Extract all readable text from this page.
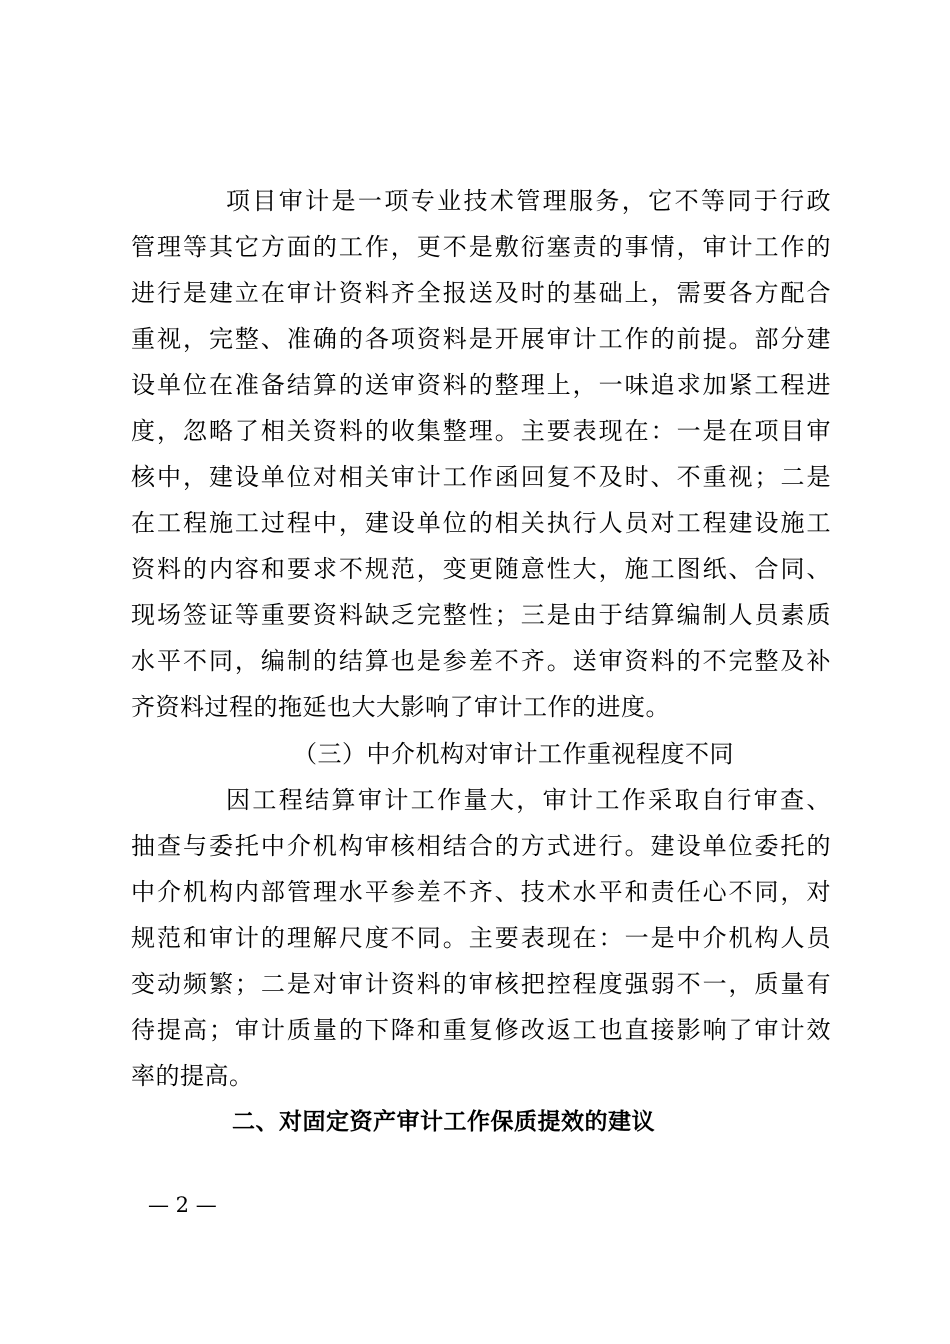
项目审计是一项专业技术管理服务，它不等同于行政
管理等其它方面的工作，更不是敷衍塞责的事情，审计工作的
进行是建立在审计资料齐全报送及时的基础上，需要各方配合
重视，完整、准确的各项资料是开展审计工作的前提。部分建
设单位在准备结算的送审资料的整理上，一味追求加紧工程进
度，忽略了相关资料的收集整理。主要表现在：一是在项目审
核中，建设单位对相关审计工作函回复不及时、不重视；二是
在工程施工过程中，建设单位的相关执行人员对工程建设施工
资料的内容和要求不规范，变更随意性大，施工图纸、合同、
现场签证等重要资料缺乏完整性；三是由于结算编制人员素质
水平不同，编制的结算也是参差不齐。送审资料的不完整及补
齐资料过程的拖延也大大影响了审计工作的进度。
（三）中介机构对审计工作重视程度不同
因工程结算审计工作量大，审计工作采取自行审查、
抽查与委托中介机构审核相结合的方式进行。建设单位委托的
中介机构内部管理水平参差不齐、技术水平和责任心不同，对
规范和审计的理解尺度不同。主要表现在：一是中介机构人员
变动频繁；二是对审计资料的审核把控程度强弱不一，质量有
待提高；审计质量的下降和重复修改返工也直接影响了审计效
率的提高。
二、对固定资产审计工作保质提效的建议
— 2 —
